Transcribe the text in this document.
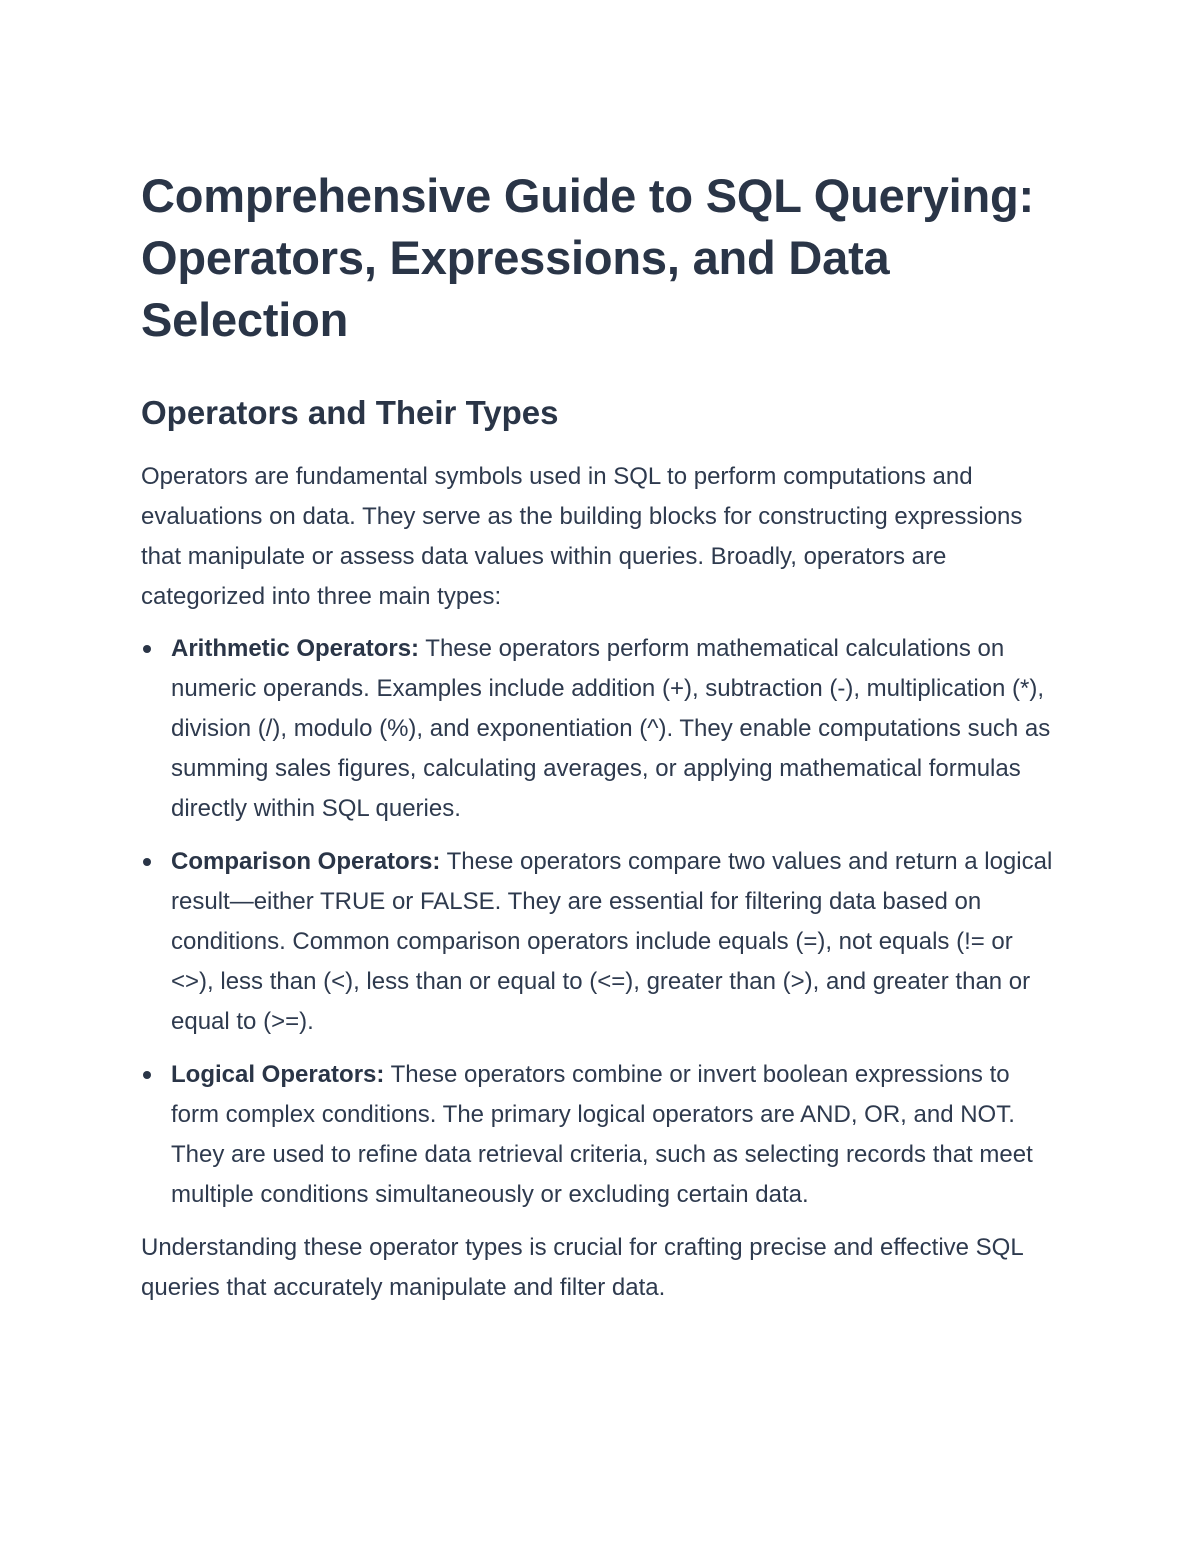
Comprehensive Guide to SQL Querying: Operators, Expressions, and Data Selection
Operators and Their Types

Operators are fundamental symbols used in SQL to perform computations and evaluations on data. They serve as the building blocks for constructing expressions that manipulate or assess data values within queries. Broadly, operators are categorized into three main types:

Arithmetic Operators: These operators perform mathematical calculations on numeric operands. Examples include addition (+), subtraction (-), multiplication (*), division (/), modulo (%), and exponentiation (^). They enable computations such as summing sales figures, calculating averages, or applying mathematical formulas directly within SQL queries.
Comparison Operators: These operators compare two values and return a logical result—either TRUE or FALSE. They are essential for filtering data based on conditions. Common comparison operators include equals (=), not equals (!= or <>), less than (<), less than or equal to (<=), greater than (>), and greater than or equal to (>=).
Logical Operators: These operators combine or invert boolean expressions to form complex conditions. The primary logical operators are AND, OR, and NOT. They are used to refine data retrieval criteria, such as selecting records that meet multiple conditions simultaneously or excluding certain data.

Understanding these operator types is crucial for crafting precise and effective SQL queries that accurately manipulate and filter data.
